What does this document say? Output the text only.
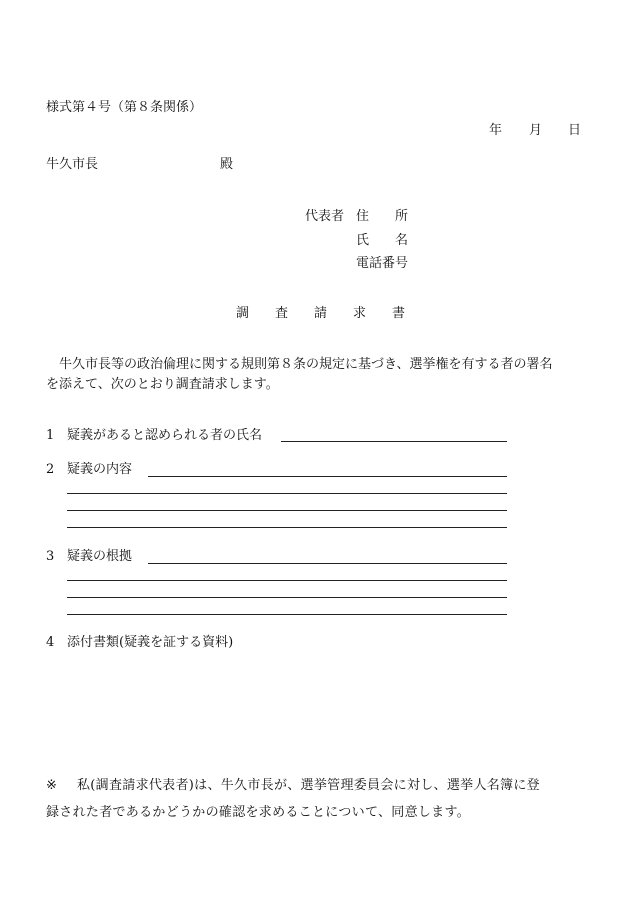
様式第４号（第８条関係）
年 月 日
牛久市長	殿
代表者 住　　所
氏　　名
電話番号
調　　査　　請　　求　　書
　牛久市長等の政治倫理に関する規則第８条の規定に基づき、選挙権を有する者の署名
を添えて、次のとおり調査請求します。
1 疑義があると認められる者の氏名
2 疑義の内容
3 疑義の根拠
4 添付書類(疑義を証する資料)
※ 私(調査請求代表者)は、牛久市長が、選挙管理委員会に対し、選挙人名簿に登
録された者であるかどうかの確認を求めることについて、同意します。
